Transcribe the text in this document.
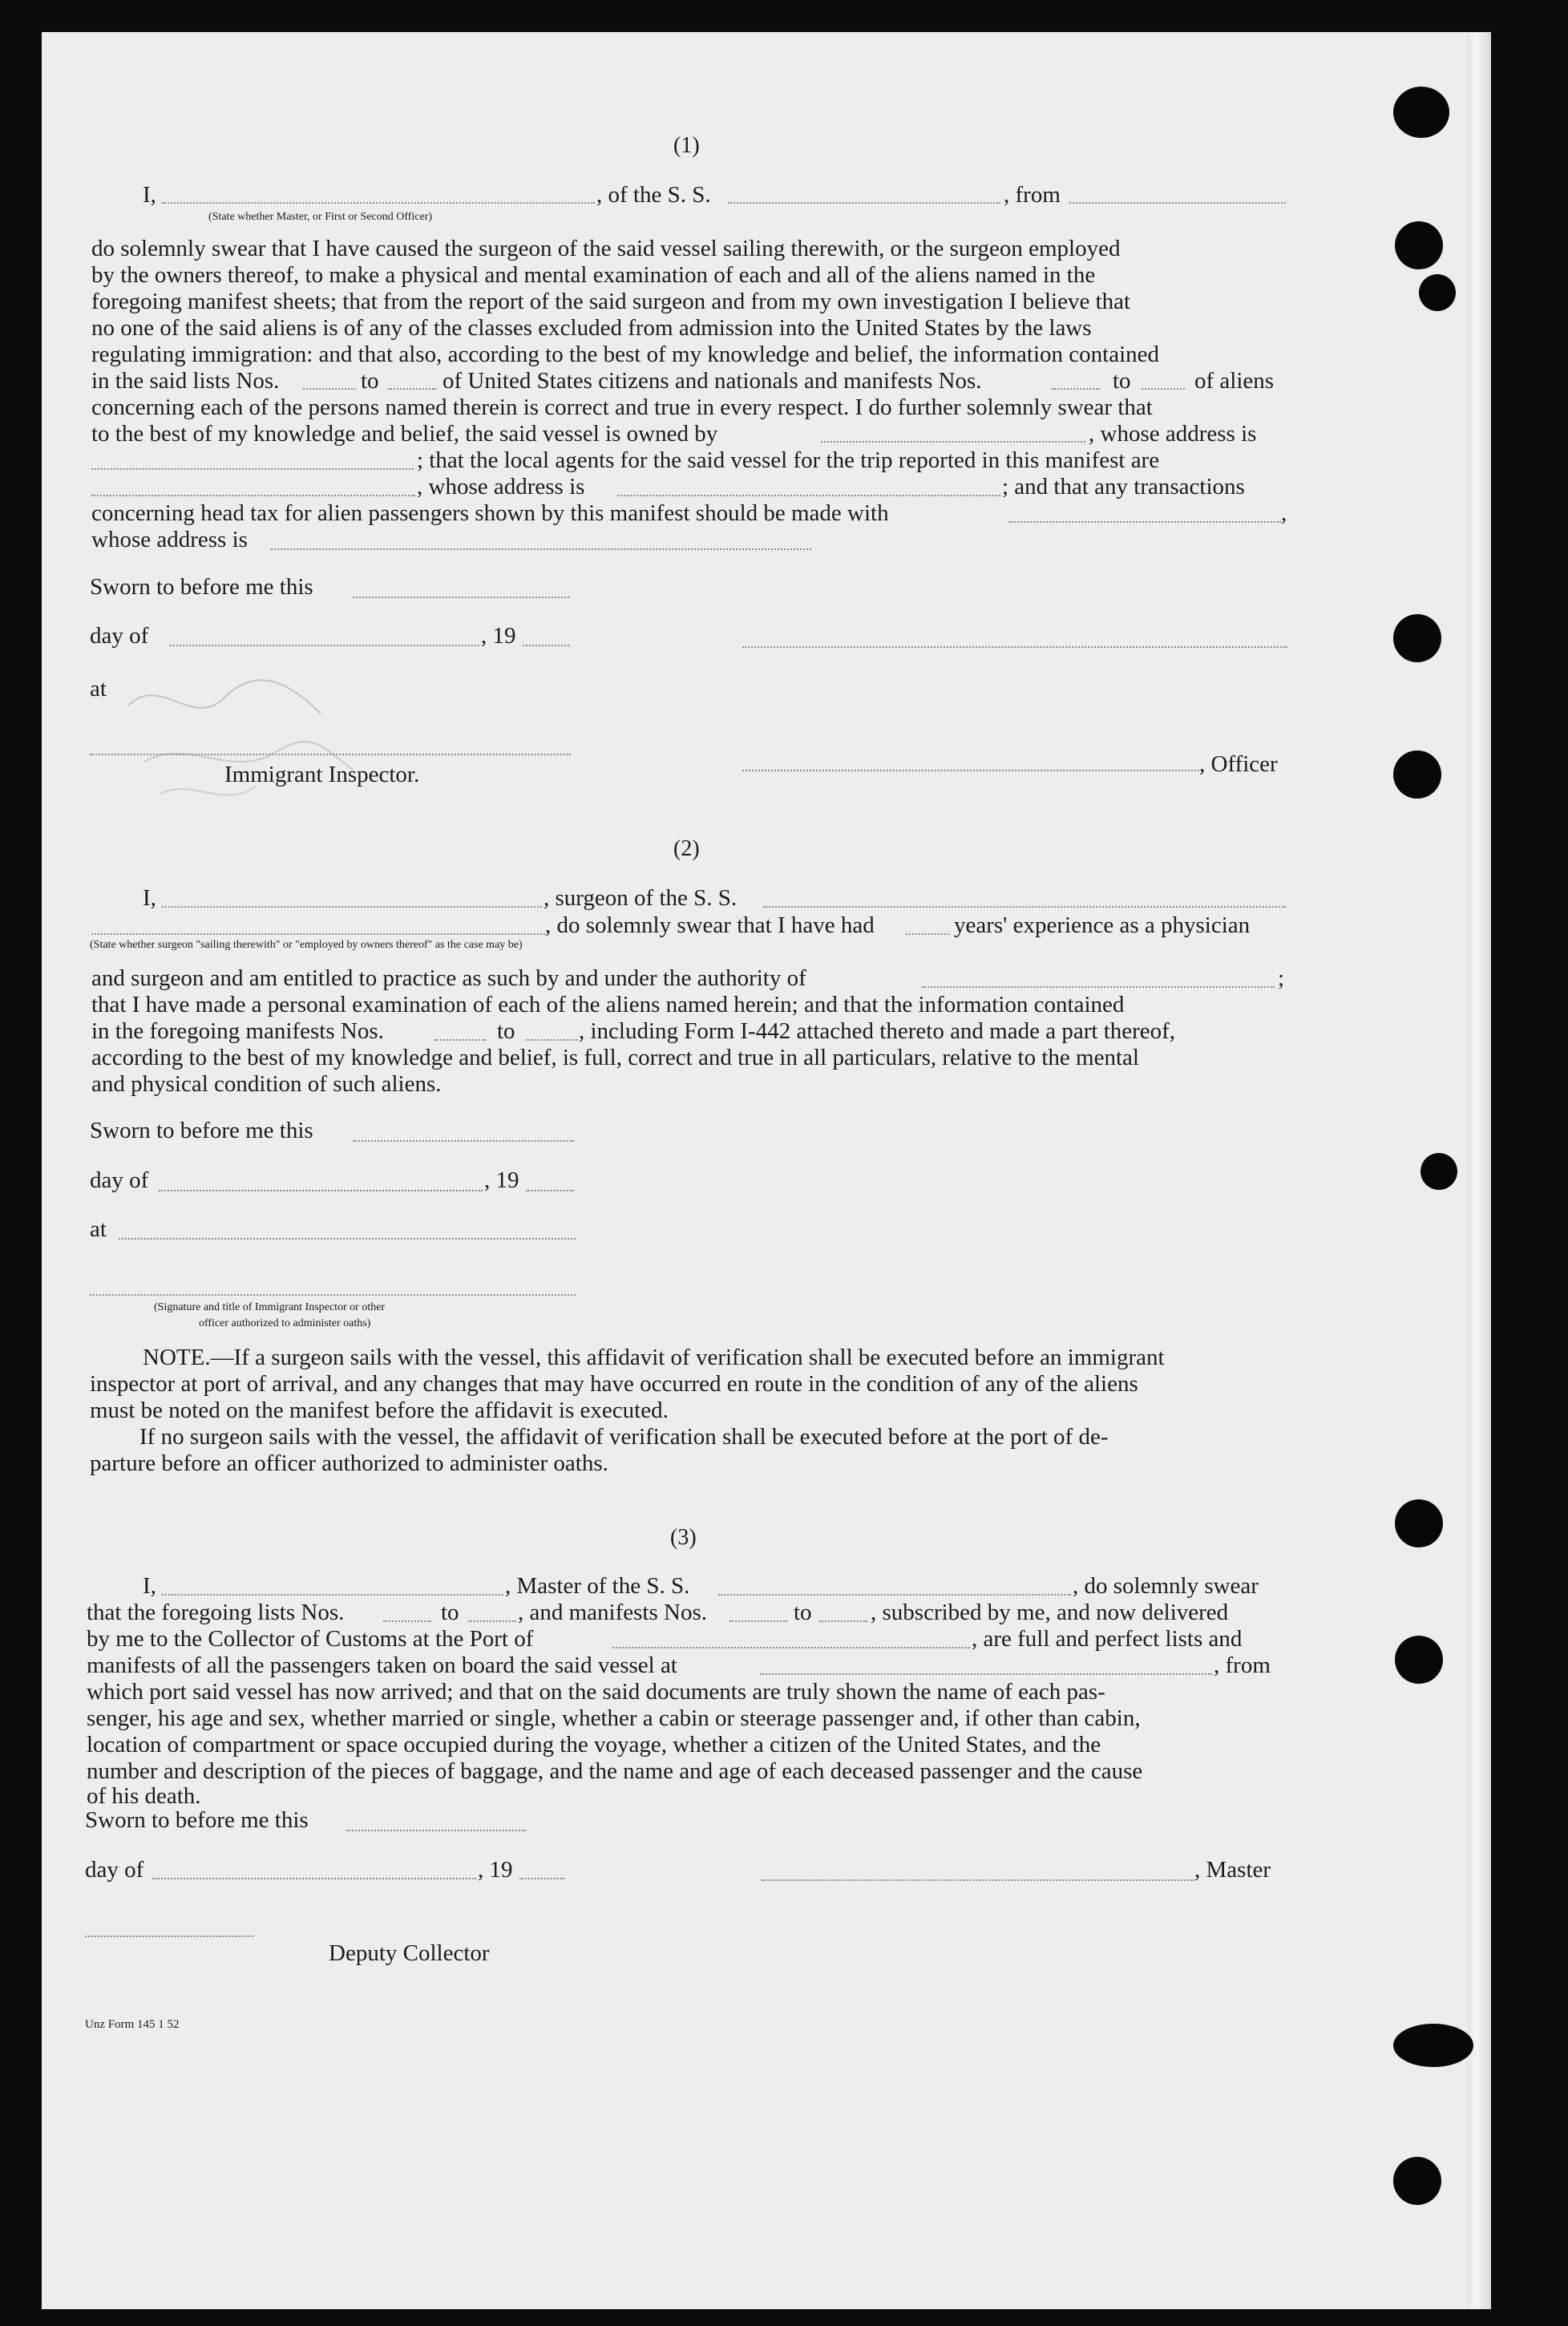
(1)
I,	, of the S. S.	, from
(State whether Master, or First or Second Officer)
do solemnly swear that I have caused the surgeon of the said vessel sailing therewith, or the surgeon employed
by the owners thereof, to make a physical and mental examination of each and all of the aliens named in the
foregoing manifest sheets; that from the report of the said surgeon and from my own investigation I believe that
no one of the said aliens is of any of the classes excluded from admission into the United States by the laws
regulating immigration: and that also, according to the best of my knowledge and belief, the information contained
in the said lists Nos.	to	of United States citizens and nationals and manifests Nos.	to	of aliens
concerning each of the persons named therein is correct and true in every respect. I do further solemnly swear that
to the best of my knowledge and belief, the said vessel is owned by	, whose address is
; that the local agents for the said vessel for the trip reported in this manifest are
, whose address is	; and that any transactions
concerning head tax for alien passengers shown by this manifest should be made with	,
whose address is
Sworn to before me this
day of	, 19
at
Immigrant Inspector.	, Officer
(2)
I,	, surgeon of the S. S.
, do solemnly swear that I have had	years' experience as a physician
(State whether surgeon "sailing therewith" or "employed by owners thereof" as the case may be)
and surgeon and am entitled to practice as such by and under the authority of	;
that I have made a personal examination of each of the aliens named herein; and that the information contained
in the foregoing manifests Nos.	to	, including Form I-442 attached thereto and made a part thereof,
according to the best of my knowledge and belief, is full, correct and true in all particulars, relative to the mental
and physical condition of such aliens.
Sworn to before me this
day of	, 19
at
(Signature and title of Immigrant Inspector or other
officer authorized to administer oaths)
NOTE.—If a surgeon sails with the vessel, this affidavit of verification shall be executed before an immigrant
inspector at port of arrival, and any changes that may have occurred en route in the condition of any of the aliens
must be noted on the manifest before the affidavit is executed.
If no surgeon sails with the vessel, the affidavit of verification shall be executed before at the port of de-
parture before an officer authorized to administer oaths.
(3)
I,	, Master of the S. S.	, do solemnly swear
that the foregoing lists Nos.	to	, and manifests Nos.	to	, subscribed by me, and now delivered
by me to the Collector of Customs at the Port of	, are full and perfect lists and
manifests of all the passengers taken on board the said vessel at	, from
which port said vessel has now arrived; and that on the said documents are truly shown the name of each pas-
senger, his age and sex, whether married or single, whether a cabin or steerage passenger and, if other than cabin,
location of compartment or space occupied during the voyage, whether a citizen of the United States, and the
number and description of the pieces of baggage, and the name and age of each deceased passenger and the cause
of his death.
Sworn to before me this
day of	, 19	, Master
Deputy Collector
Unz Form 145 1 52
